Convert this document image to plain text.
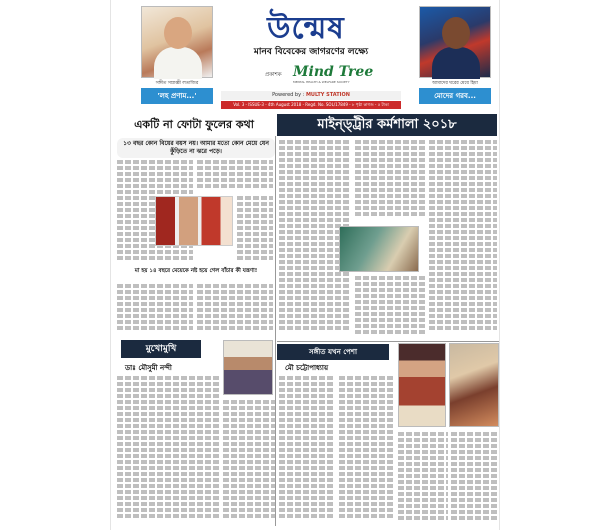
সঙ্গীত সম্রাজ্ঞী লতাজির
'লহ প্রণাম...'
উন্মেষ
মানব বিবেকের জাগরণের লক্ষ্যে
প্রকাশক Mind Tree
MENTAL HEALTH & WELFARE SOCIETY
Powered by : MULTY STATION
Vol. 3 - ISSUE-3 - 4th August 2018 - Regd. No. SOL/17849 - ৮ পৃষ্ঠা কাগজ - ৫ টাকা
আমাদের ঘরের মেয়ে হিমা
মোদের গরব...
একটি না ফোটা ফুলের কথা	মাইন্ড্ট্রীর কর্মশালা ২০১৮
১৩ বছর কোন বিয়ের বয়স নয়। আমার মতো কোন মেয়ে যেন কুঁড়িতে না ঝরে পড়ে।
মা হয় ১৪ বছরে মেয়েকে নষ্ট হয়ে গেল বাঁচার কী যন্ত্রণা!
মুখোমুখি
ডাঃ মৌসুমী নন্দী
সঙ্গীত যখন পেশা
মৌ চট্টোপাধ্যায়
